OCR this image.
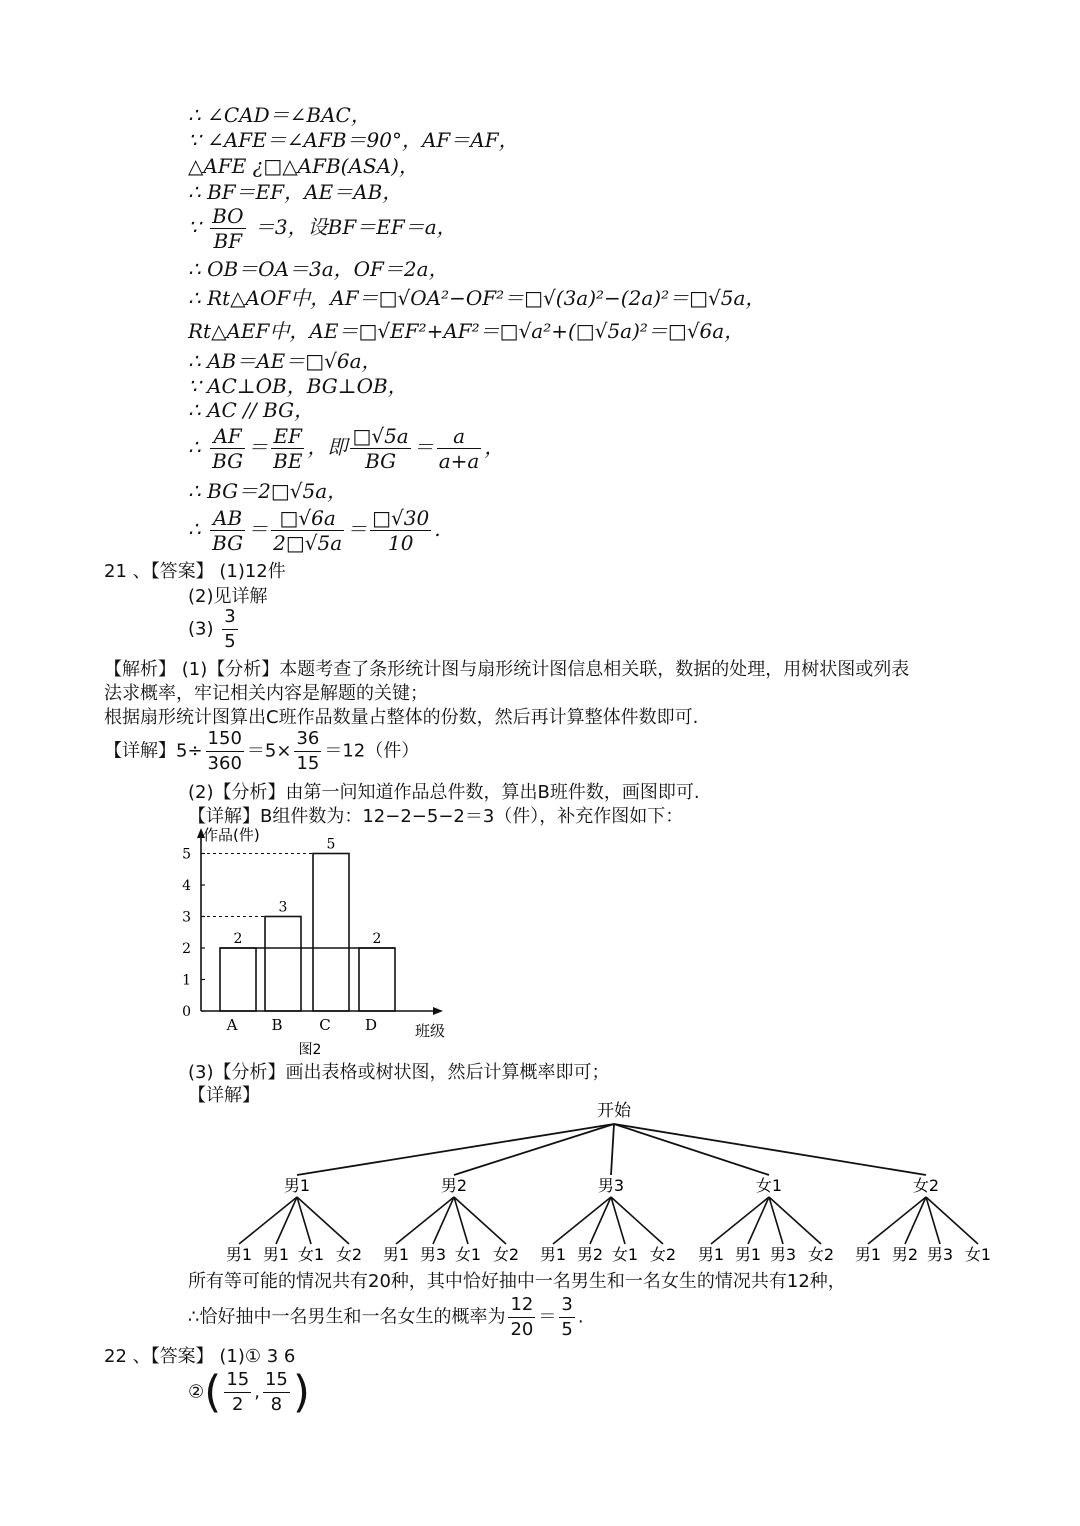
∴ ∠CAD＝∠BAC，
∵ ∠AFE＝∠AFB＝90°，AF＝AF，
△AFE ¿□△AFB(ASA)，
∴ BF＝EF，AE＝AB，
∵ $\frac{BO}{BF} =3$，设BF＝EF＝a，
∴ OB＝OA＝3a，OF＝2a，
∴ Rt△AOF中，AF＝□√OA²−OF²＝□√(3a)²−(2a)²＝□√5a，
Rt△AEF中，AE＝□√EF²+AF²＝□√a²+(□√5a)²＝□√6a，
∴ AB＝AE＝□√6a，
∵ AC⊥OB，BG⊥OB，
∴ AC // BG，
∴ $\frac{AF}{BG} = \frac{EF}{BE}$ ，即 $\frac{□√5a}{BG} = \frac{a}{a+a}$ ，
∴ BG＝2□√5a，
∴ $\frac{AB}{BG} = \frac{□√6a}{2□√5a} = \frac{□√30}{10}$ .
21 、【答案】 (1)12件
(2)见详解
$(3) \frac{3}{5}$
【解析】 (1)【分析】本题考查了条形统计图与扇形统计图信息相关联，数据的处理，用树状图或列表
法求概率，牢记相关内容是解题的关键；
根据扇形统计图算出C班作品数量占整体的份数，然后再计算整体件数即可.
【详解】$5\div \frac{150}{360} =5\times \frac{36}{15} =12$（件）
(2)【分析】由第一问知道作品总件数，算出B班件数，画图即可.
【详解】B组件数为：12−2−5−2＝3（件），补充作图如下：
0
1
2
3
4
5
2
A
3
B
5
C
2
D
作品(件)
班级
图2
(3)【分析】画出表格或树状图，然后计算概率即可；
【详解】
开始
男1
男1 男1 女1 女2
男2
男1 男3 女1 女2
男3
男1 男2 女1 女2
女1
男1 男1 男3 女2
女2
男1 男2 男3 女1
所有等可能的情况共有20种，其中恰好抽中一名男生和一名女生的情况共有12种，
∴恰好抽中一名男生和一名女生的概率为 $\frac{12}{20} = \frac{3}{5}$ .
22 、【答案】 (1)① 3 6
②( $\frac{15}{2}$ , $\frac{15}{8}$ )
